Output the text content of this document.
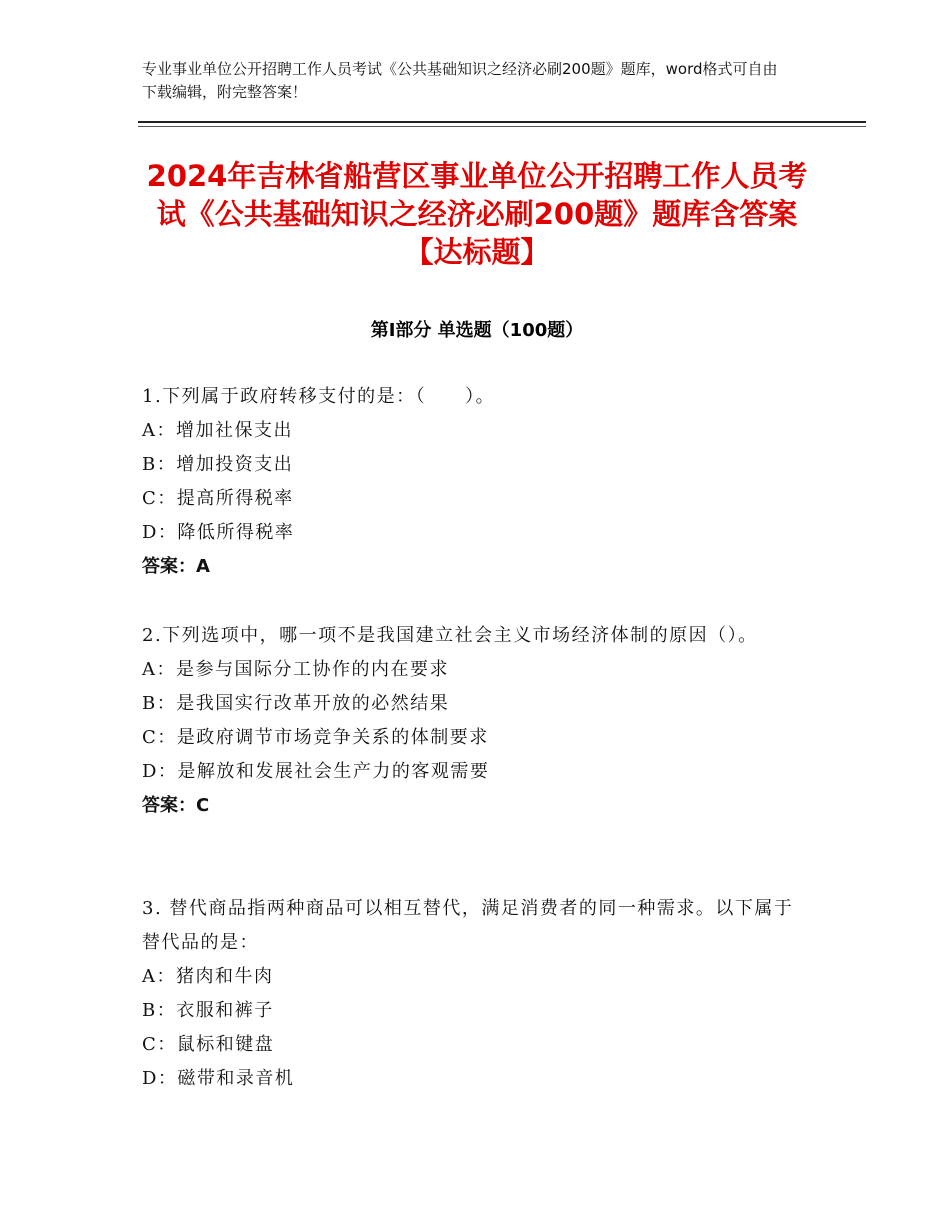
专业事业单位公开招聘工作人员考试《公共基础知识之经济必刷200题》题库，word格式可自由下载编辑，附完整答案！
2024年吉林省船营区事业单位公开招聘工作人员考试《公共基础知识之经济必刷200题》题库含答案【达标题】
第Ⅰ部分 单选题（100题）
1.下列属于政府转移支付的是：（　　）。
A：增加社保支出
B：增加投资支出
C：提高所得税率
D：降低所得税率
答案：A
2.下列选项中，哪一项不是我国建立社会主义市场经济体制的原因（）。
A：是参与国际分工协作的内在要求
B：是我国实行改革开放的必然结果
C：是政府调节市场竞争关系的体制要求
D：是解放和发展社会生产力的客观需要
答案：C
3. 替代商品指两种商品可以相互替代，满足消费者的同一种需求。以下属于替代品的是：
A：猪肉和牛肉
B：衣服和裤子
C：鼠标和键盘
D：磁带和录音机
